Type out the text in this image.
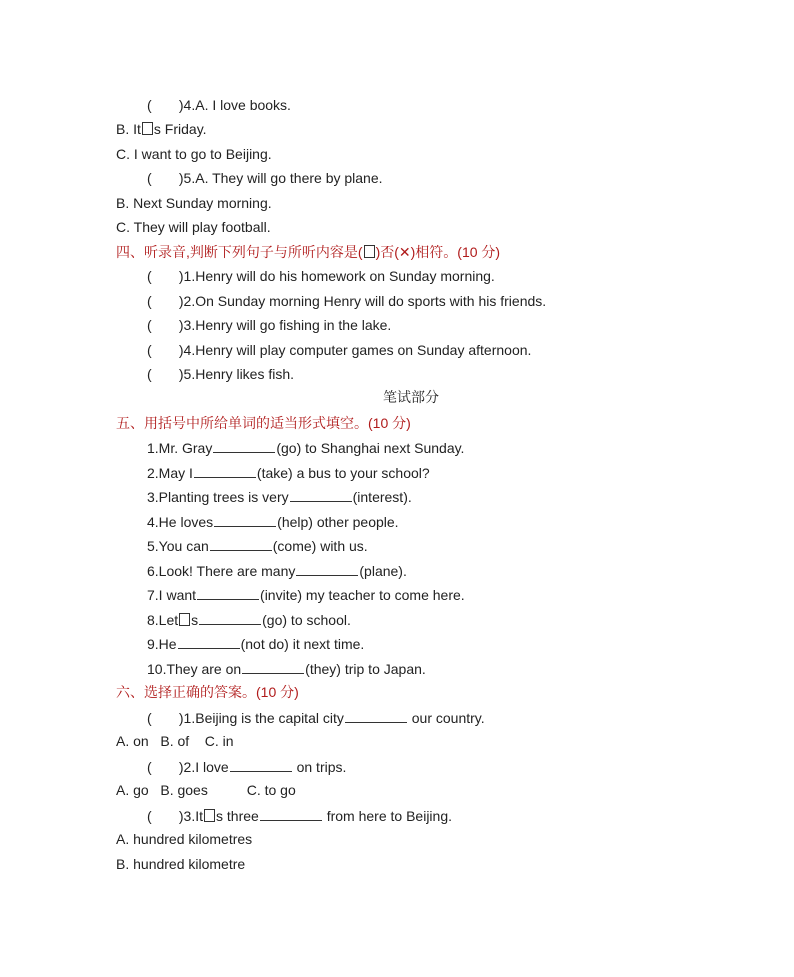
(       )4.A. I love books.
B. It s Friday.
C. I want to go to Beijing.
(       )5.A. They will go there by plane.
B. Next Sunday morning.
C. They will play football.
四、听录音,判断下列句子与所听内容是( )否(✕)相符。(10 分)
(       )1.Henry will do his homework on Sunday morning.
(       )2.On Sunday morning Henry will do sports with his friends.
(       )3.Henry will go fishing in the lake.
(       )4.Henry will play computer games on Sunday afternoon.
(       )5.Henry likes fish.
笔试部分
五、用括号中所给单词的适当形式填空。(10 分)
1.Mr. Gray	(go) to Shanghai next Sunday.
2.May I	(take) a bus to your school?
3.Planting trees is very	(interest).
4.He loves	(help) other people.
5.You can	(come) with us.
6.Look! There are many	(plane).
7.I want	(invite) my teacher to come here.
8.Let s	(go) to school.
9.He	(not do) it next time.
10.They are on	(they) trip to Japan.
六、选择正确的答案。(10 分)
(       )1.Beijing is the capital city	our country.
A. on   B. of    C. in
(       )2.I love	on trips.
A. go   B. goes          C. to go
(       )3.It s three	from here to Beijing.
A. hundred kilometres
B. hundred kilometre
